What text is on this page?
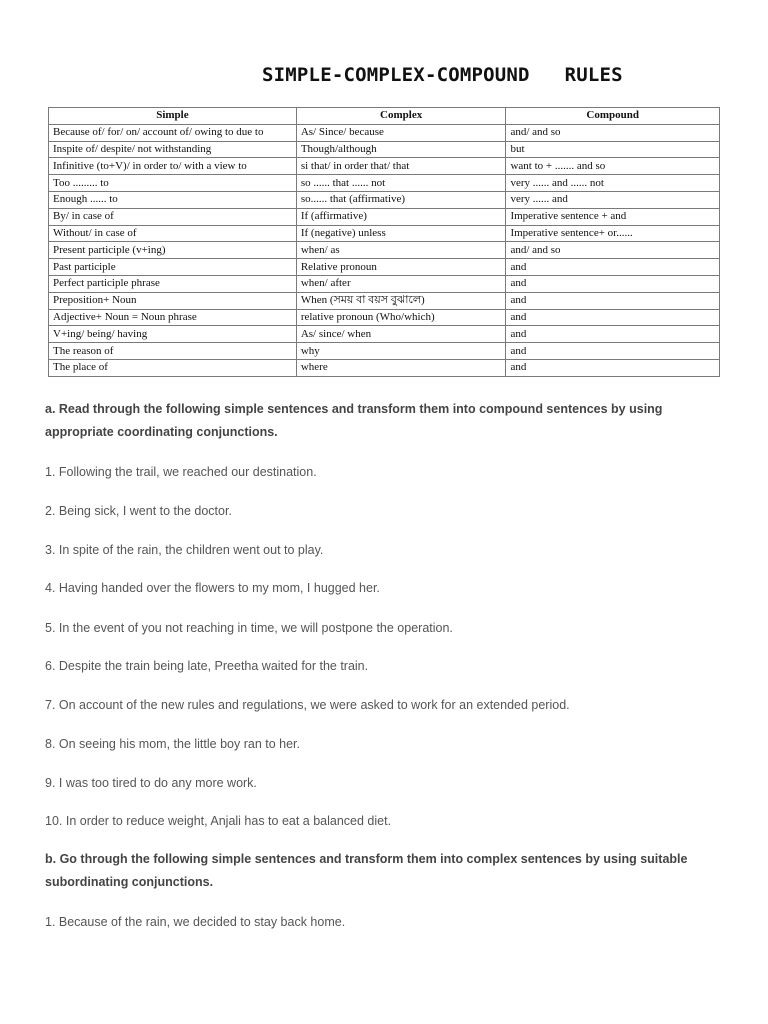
SIMPLE-COMPLEX-COMPOUND   RULES
Simple	Complex	Compound
Because of/ for/ on/ account of/ owing to due to	As/ Since/ because	and/ and so
Inspite of/ despite/ not withstanding	Though/although	but
Infinitive (to+V)/ in order to/ with a view to	si that/ in order that/ that	want to + ....... and so
Too ......... to	so ...... that ...... not	very ...... and ...... not
Enough ...... to	so...... that (affirmative)	very ...... and
By/ in case of	If (affirmative)	Imperative sentence + and
Without/ in case of	If (negative) unless	Imperative sentence+ or......
Present participle (v+ing)	when/ as	and/ and so
Past participle	Relative pronoun	and
Perfect participle phrase	when/ after	and
Preposition+ Noun	When (সময় বা বয়স বুঝালে)	and
Adjective+ Noun = Noun phrase	relative pronoun (Who/which)	and
V+ing/ being/ having	As/ since/ when	and
The reason of	why	and
The place of	where	and
a. Read through the following simple sentences and transform them into compound sentences by using appropriate coordinating conjunctions.
1. Following the trail, we reached our destination.
2. Being sick, I went to the doctor.
3. In spite of the rain, the children went out to play.
4. Having handed over the flowers to my mom, I hugged her.
5. In the event of you not reaching in time, we will postpone the operation.
6. Despite the train being late, Preetha waited for the train.
7. On account of the new rules and regulations, we were asked to work for an extended period.
8. On seeing his mom, the little boy ran to her.
9. I was too tired to do any more work.
10. In order to reduce weight, Anjali has to eat a balanced diet.
b. Go through the following simple sentences and transform them into complex sentences by using suitable subordinating conjunctions.
1. Because of the rain, we decided to stay back home.
